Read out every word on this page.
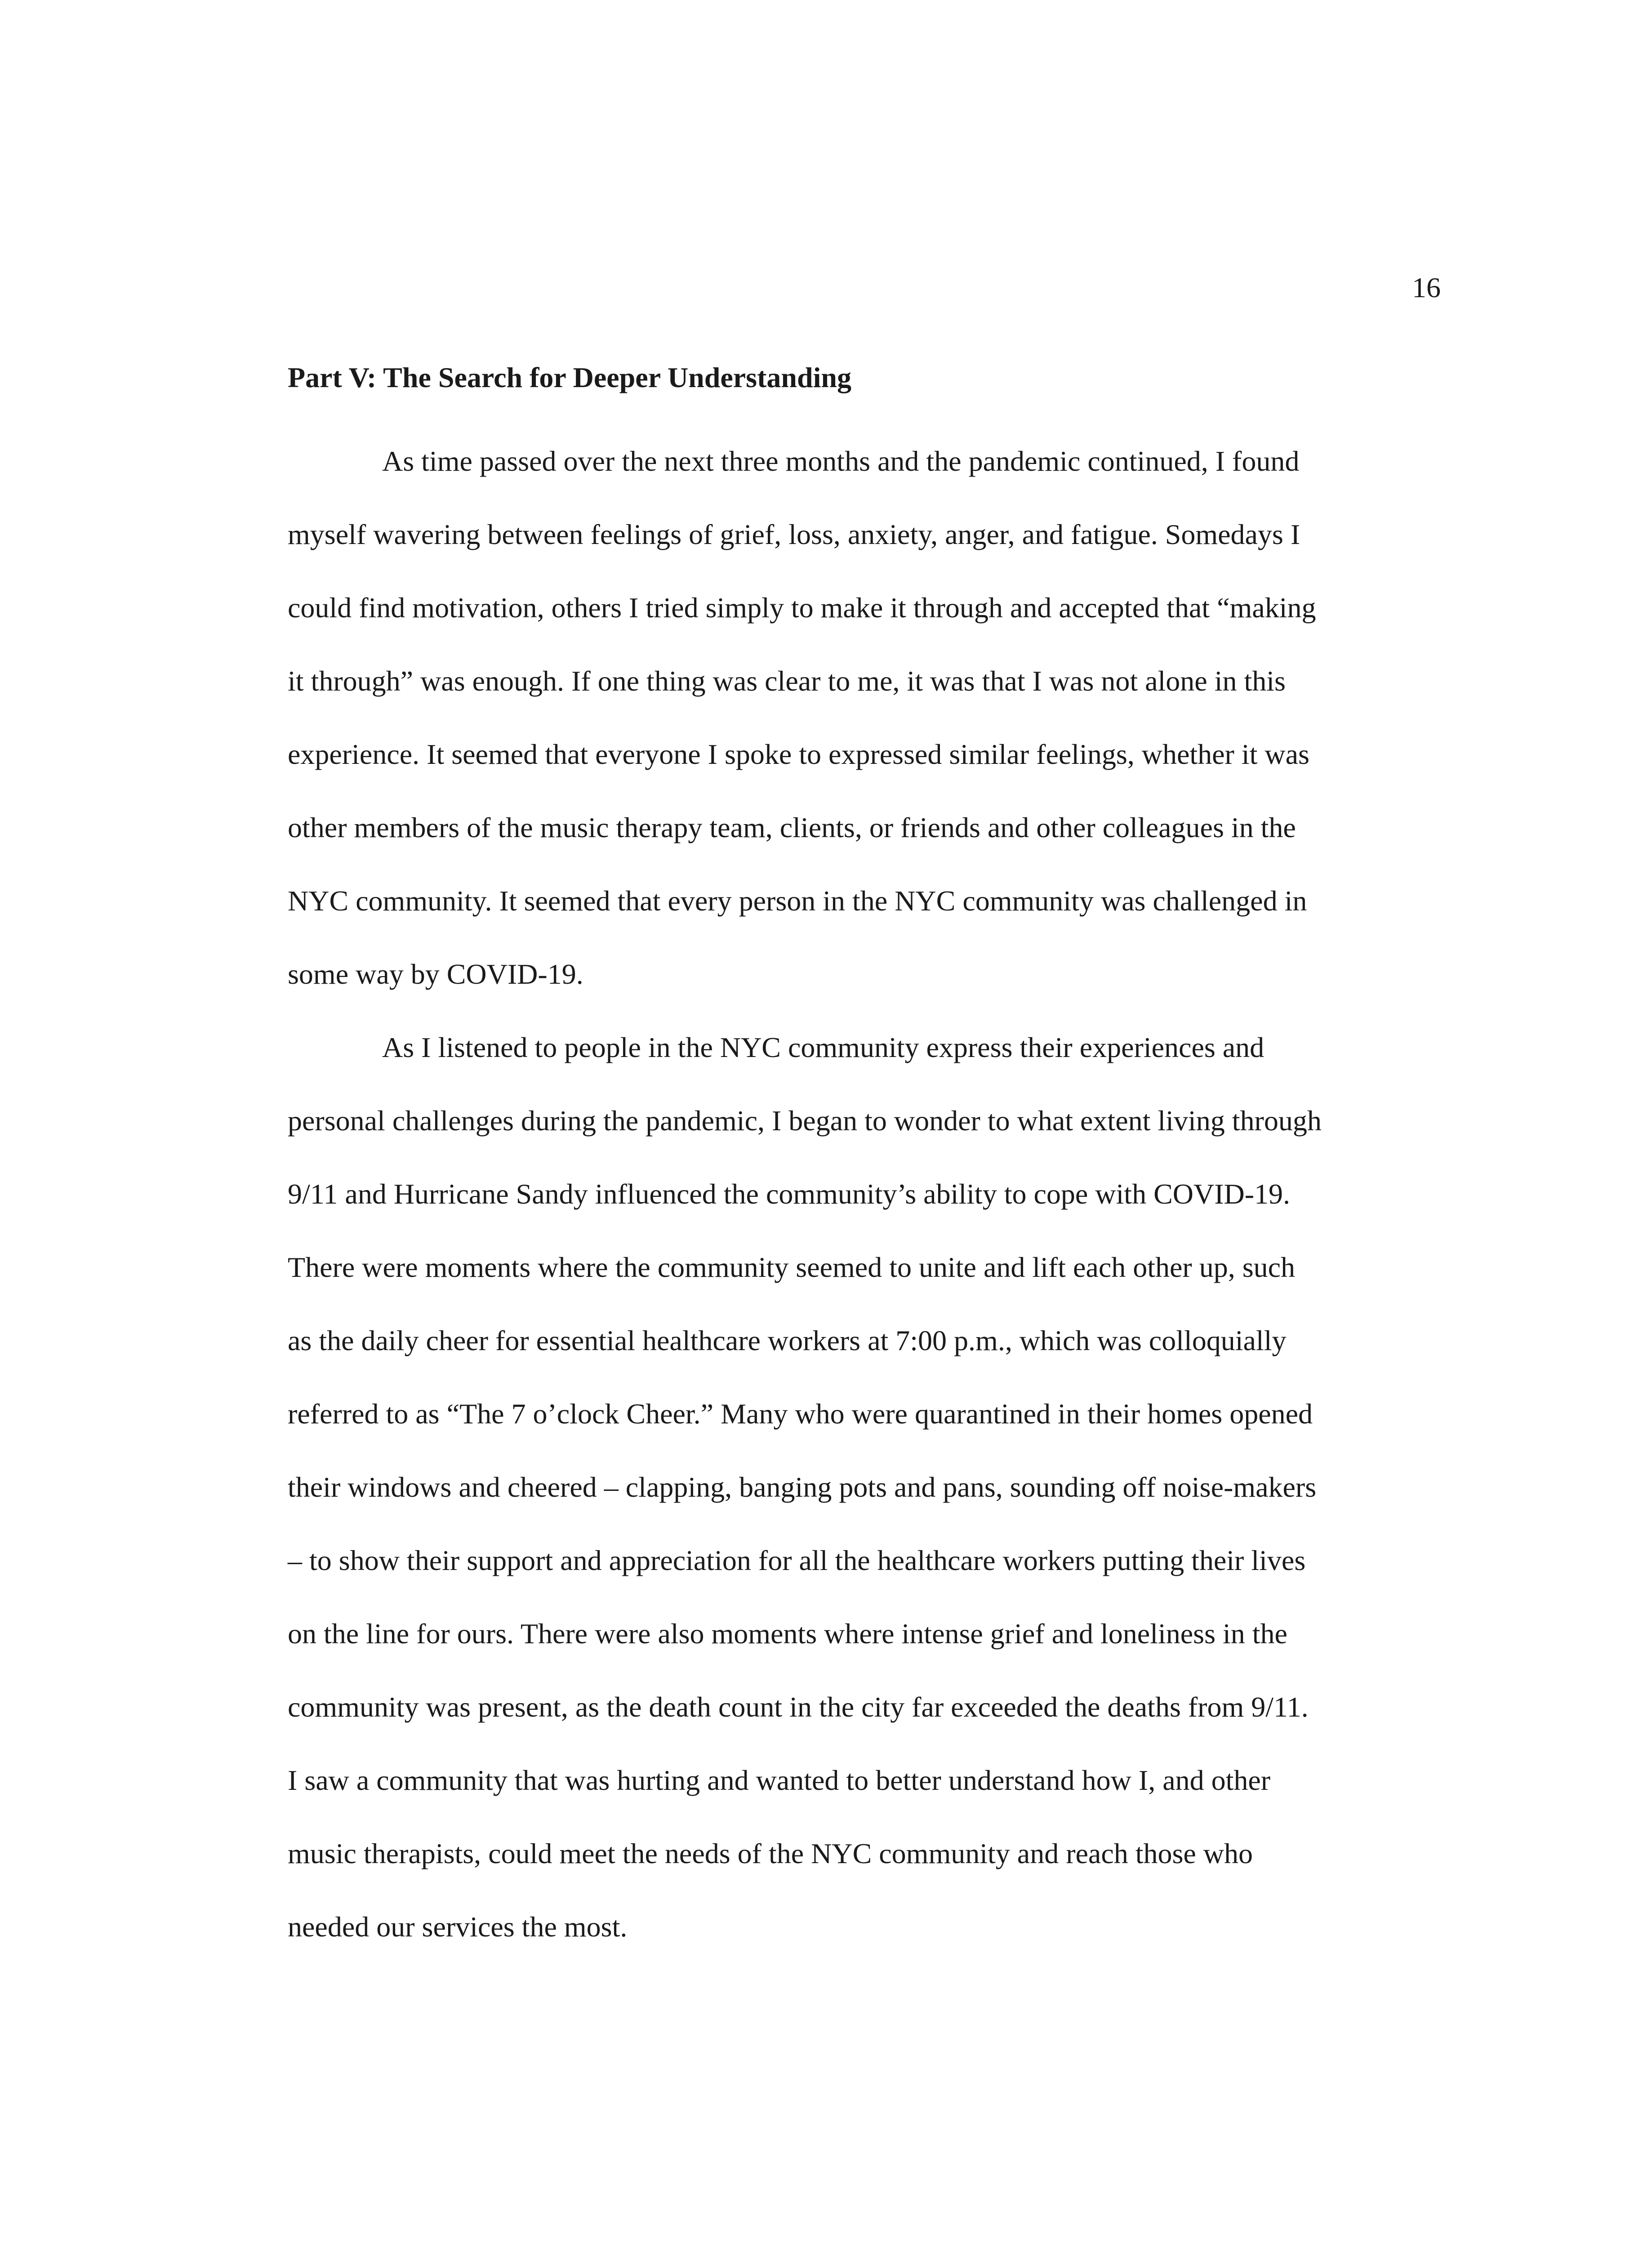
16
Part V: The Search for Deeper Understanding
As time passed over the next three months and the pandemic continued, I found
myself wavering between feelings of grief, loss, anxiety, anger, and fatigue. Somedays I
could find motivation, others I tried simply to make it through and accepted that “making
it through” was enough. If one thing was clear to me, it was that I was not alone in this
experience. It seemed that everyone I spoke to expressed similar feelings, whether it was
other members of the music therapy team, clients, or friends and other colleagues in the
NYC community. It seemed that every person in the NYC community was challenged in
some way by COVID-19.
As I listened to people in the NYC community express their experiences and
personal challenges during the pandemic, I began to wonder to what extent living through
9/11 and Hurricane Sandy influenced the community’s ability to cope with COVID-19.
There were moments where the community seemed to unite and lift each other up, such
as the daily cheer for essential healthcare workers at 7:00 p.m., which was colloquially
referred to as “The 7 o’clock Cheer.” Many who were quarantined in their homes opened
their windows and cheered – clapping, banging pots and pans, sounding off noise-makers
– to show their support and appreciation for all the healthcare workers putting their lives
on the line for ours. There were also moments where intense grief and loneliness in the
community was present, as the death count in the city far exceeded the deaths from 9/11.
I saw a community that was hurting and wanted to better understand how I, and other
music therapists, could meet the needs of the NYC community and reach those who
needed our services the most.
